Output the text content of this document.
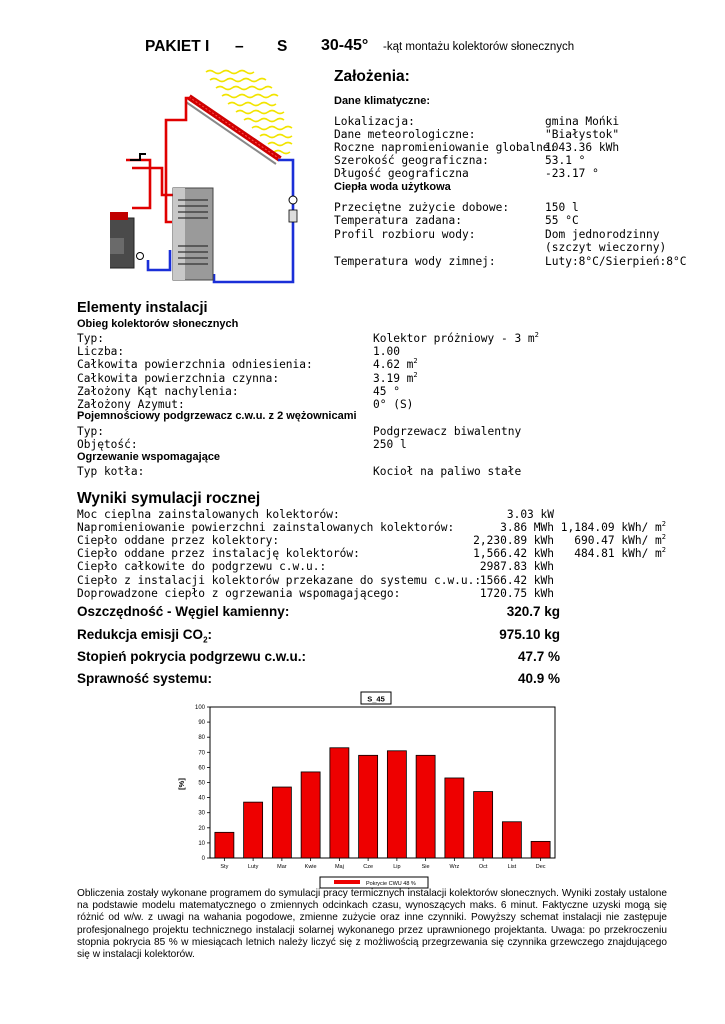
PAKIET I – S 30-45° -kąt montażu kolektorów słonecznych
Założenia:
Dane klimatyczne:
Lokalizacja:	gmina Mońki
Dane meteorologiczne:	"Białystok"
Roczne napromieniowanie globalne:
1043.36 kWh
Szerokość geograficzna:	53.1 °
Długość geograficzna	-23.17 °
Ciepła woda użytkowa
Przeciętne zużycie dobowe:	150 l
Temperatura zadana:	55 °C
Profil rozbioru wody:	Dom jednorodzinny
(szczyt wieczorny)
Temperatura wody zimnej:	Luty:8°C/Sierpień:8°C
Elementy instalacji
Obieg kolektorów słonecznych
Typ:	Kolektor próżniowy - 3 $m^2$
Liczba:	1.00
Całkowita powierzchnia odniesienia:	4.62 $m^2$
Całkowita powierzchnia czynna:	3.19 $m^2$
Założony Kąt nachylenia:	45 °
Założony Azymut:	0° (S)
Pojemnościowy podgrzewacz c.w.u. z 2 wężownicami
Typ:	Podgrzewacz biwalentny
Objętość:	250 l
Ogrzewanie wspomagające
Typ kotła:	Kocioł na paliwo stałe
Wyniki symulacji rocznej
Moc cieplna zainstalowanych kolektorów:	3.03 kW
Napromieniowanie powierzchni zainstalowanych kolektorów:	3.86 MWh 1,184.09 kWh/ $m^2$
Ciepło oddane przez kolektory:	2,230.89 kWh	690.47 kWh/ $m^2$
Ciepło oddane przez instalację kolektorów:	1,566.42 kWh	484.81 kWh/ $m^2$
Ciepło całkowite do podgrzewu c.w.u.:	2987.83 kWh
Ciepło z instalacji kolektorów przekazane do systemu c.w.u.:
1566.42 kWh
Doprowadzone ciepło z ogrzewania wspomagającego:	1720.75 kWh
Oszczędność - Węgiel kamienny:	320.7 kg
Redukcja emisji $CO_2$:	975.10 kg
Stopień pokrycia podgrzewu c.w.u.:	47.7 %
Sprawność systemu:	40.9 %
S_45
[%]
0
10
20
30
40
50
60
70
80
90
100
Sty	Luty	Mar	Kwie	Maj	Cze	Lip	Sie	Wrz	Oct	List	Dec
Pokrycie CWU 48 %
Obliczenia zostały wykonane programem do symulacji pracy termicznych instalacji kolektorów słonecznych. Wyniki zostały ustalone na podstawie modelu matematycznego o zmiennych odcinkach czasu, wynoszących maks. 6 minut. Faktyczne uzyski mogą się różnić od w/w. z uwagi na wahania pogodowe, zmienne zużycie oraz inne czynniki. Powyższy schemat instalacji nie zastępuje profesjonalnego projektu technicznego instalacji solarnej wykonanego przez uprawnionego projektanta. Uwaga: po przekroczeniu stopnia pokrycia 85 % w miesiącach letnich należy liczyć się z możliwością przegrzewania się czynnika grzewczego znajdującego się w instalacji kolektorów.
